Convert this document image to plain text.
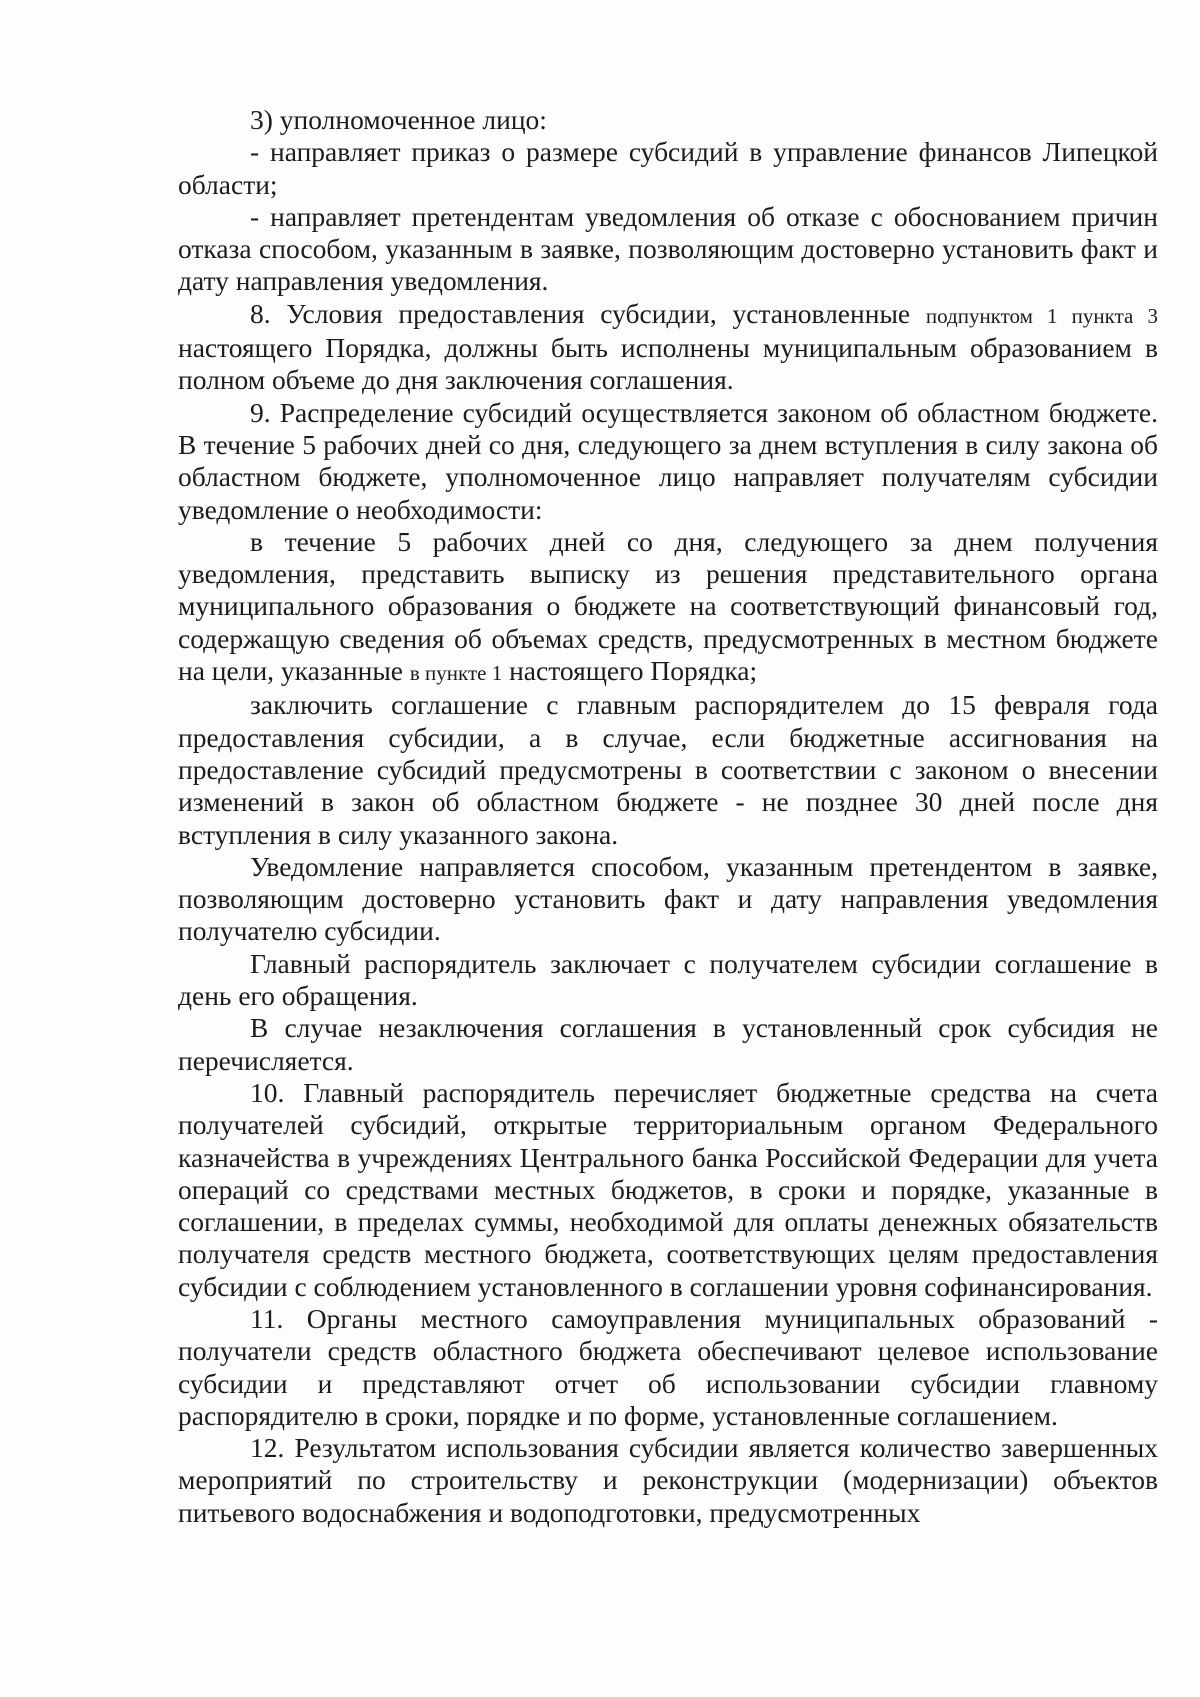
3) уполномоченное лицо:

- направляет приказ о размере субсидий в управление финансов Липецкой области;

- направляет претендентам уведомления об отказе с обоснованием причин отказа способом, указанным в заявке, позволяющим достоверно установить факт и дату направления уведомления.

8. Условия предоставления субсидии, установленные подпунктом 1 пункта 3 настоящего Порядка, должны быть исполнены муниципальным образованием в полном объеме до дня заключения соглашения.

9. Распределение субсидий осуществляется законом об областном бюджете. В течение 5 рабочих дней со дня, следующего за днем вступления в силу закона об областном бюджете, уполномоченное лицо направляет получателям субсидии уведомление о необходимости:

в течение 5 рабочих дней со дня, следующего за днем получения уведомления, представить выписку из решения представительного органа муниципального образования о бюджете на соответствующий финансовый год, содержащую сведения об объемах средств, предусмотренных в местном бюджете на цели, указанные в пункте 1 настоящего Порядка;

заключить соглашение с главным распорядителем до 15 февраля года предоставления субсидии, а в случае, если бюджетные ассигнования на предоставление субсидий предусмотрены в соответствии с законом о внесении изменений в закон об областном бюджете - не позднее 30 дней после дня вступления в силу указанного закона.

Уведомление направляется способом, указанным претендентом в заявке, позволяющим достоверно установить факт и дату направления уведомления получателю субсидии.

Главный распорядитель заключает с получателем субсидии соглашение в день его обращения.

В случае незаключения соглашения в установленный срок субсидия не перечисляется.

10. Главный распорядитель перечисляет бюджетные средства на счета получателей субсидий, открытые территориальным органом Федерального казначейства в учреждениях Центрального банка Российской Федерации для учета операций со средствами местных бюджетов, в сроки и порядке, указанные в соглашении, в пределах суммы, необходимой для оплаты денежных обязательств получателя средств местного бюджета, соответствующих целям предоставления субсидии с соблюдением установленного в соглашении уровня софинансирования.

11. Органы местного самоуправления муниципальных образований - получатели средств областного бюджета обеспечивают целевое использование субсидии и представляют отчет об использовании субсидии главному распорядителю в сроки, порядке и по форме, установленные соглашением.

12. Результатом использования субсидии является количество завершенных мероприятий по строительству и реконструкции (модернизации) объектов питьевого водоснабжения и водоподготовки, предусмотренных
